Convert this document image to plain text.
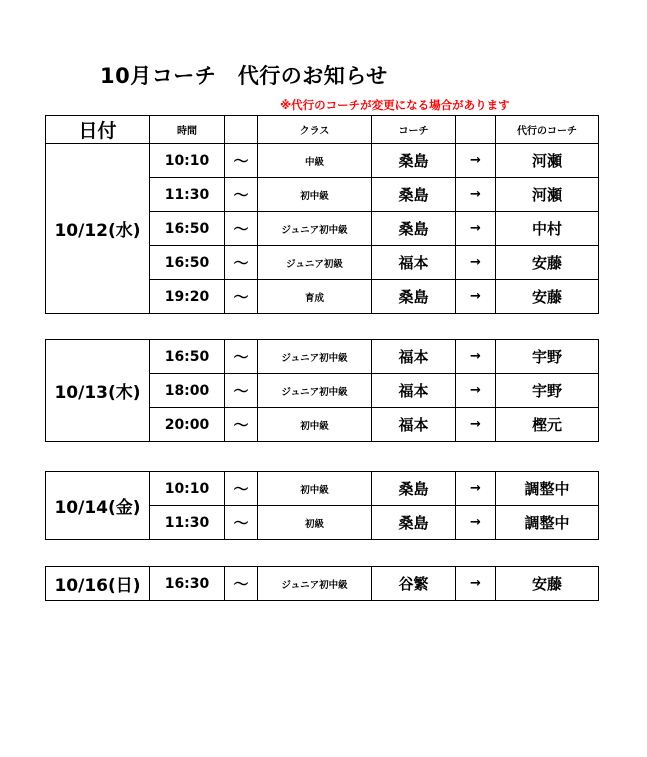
10月コーチ　代行のお知らせ
※代行のコーチが変更になる場合があります
日付	時間		クラス	コーチ		代行のコーチ
10/12(水)	10:10	〜	中級	桑島	→	河瀬
	11:30	〜	初中級	桑島	→	河瀬
	16:50	〜	ジュニア初中級	桑島	→	中村
	16:50	〜	ジュニア初級	福本	→	安藤
	19:20	〜	育成	桑島	→	安藤
10/13(木)	16:50	〜	ジュニア初中級	福本	→	宇野
	18:00	〜	ジュニア初中級	福本	→	宇野
	20:00	〜	初中級	福本	→	樫元
10/14(金)	10:10	〜	初中級	桑島	→	調整中
	11:30	〜	初級	桑島	→	調整中
10/16(日)	16:30	〜	ジュニア初中級	谷繁	→	安藤
